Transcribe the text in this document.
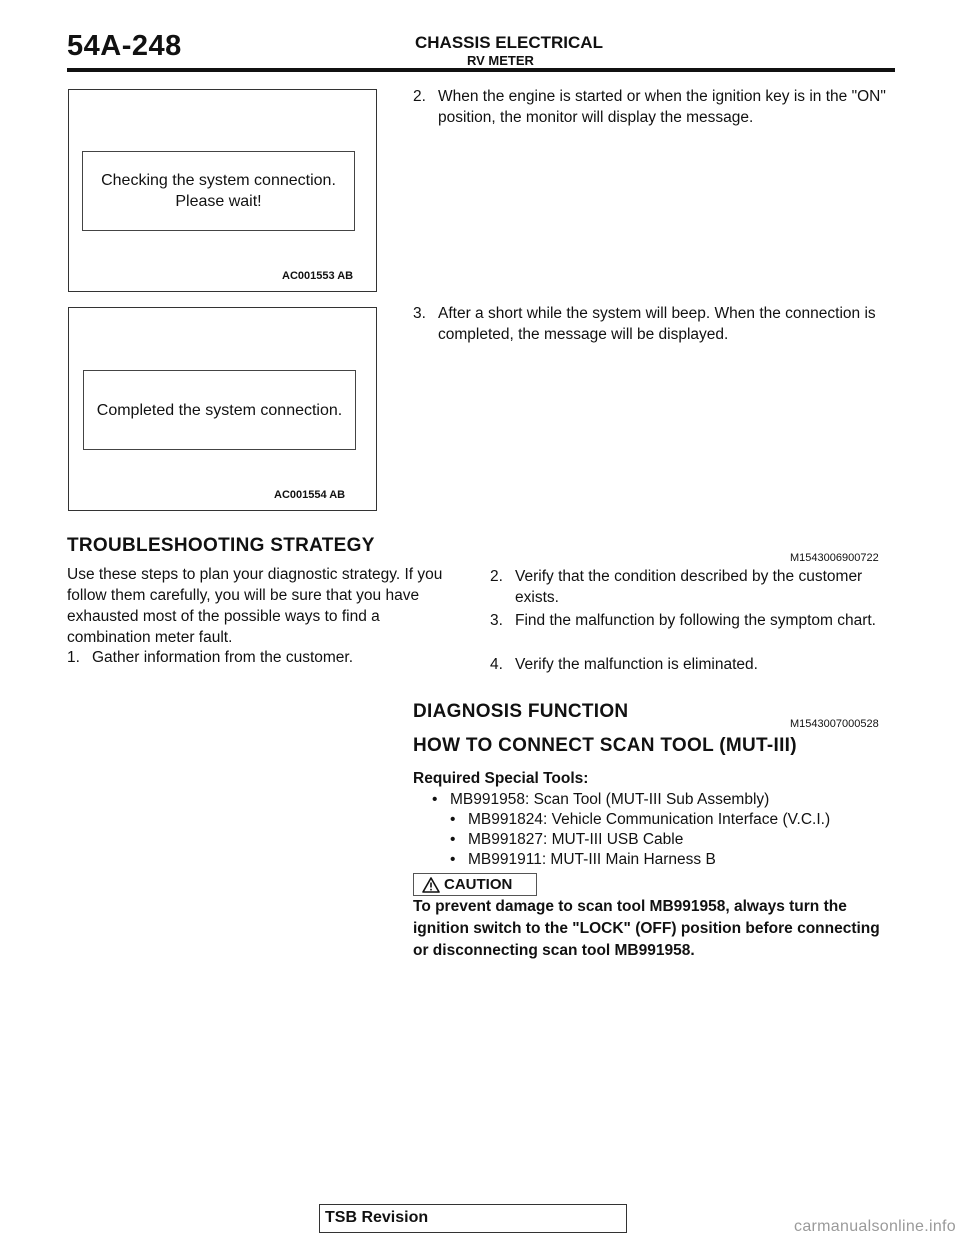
54A-248	CHASSIS ELECTRICAL
RV METER
Checking the system connection.
Please wait!
AC001553 AB
Completed the system connection.
AC001554 AB
2. When the engine is started or when the ignition key is in the "ON" position, the monitor will display the message.
3. After a short while the system will beep. When the connection is completed, the message will be displayed.
TROUBLESHOOTING STRATEGY
M1543006900722
Use these steps to plan your diagnostic strategy. If you follow them carefully, you will be sure that you have exhausted most of the possible ways to find a combination meter fault.
1. Gather information from the customer.
2. Verify that the condition described by the customer exists.
3. Find the malfunction by following the symptom chart.
4. Verify the malfunction is eliminated.
DIAGNOSIS FUNCTION
M1543007000528
HOW TO CONNECT SCAN TOOL (MUT-III)
Required Special Tools:
• MB991958: Scan Tool (MUT-III Sub Assembly)
• MB991824: Vehicle Communication Interface (V.C.I.)
• MB991827: MUT-III USB Cable
• MB991911: MUT-III Main Harness B
CAUTION
To prevent damage to scan tool MB991958, always turn the ignition switch to the "LOCK" (OFF) position before connecting or disconnecting scan tool MB991958.
TSB Revision
carmanualsonline.info
